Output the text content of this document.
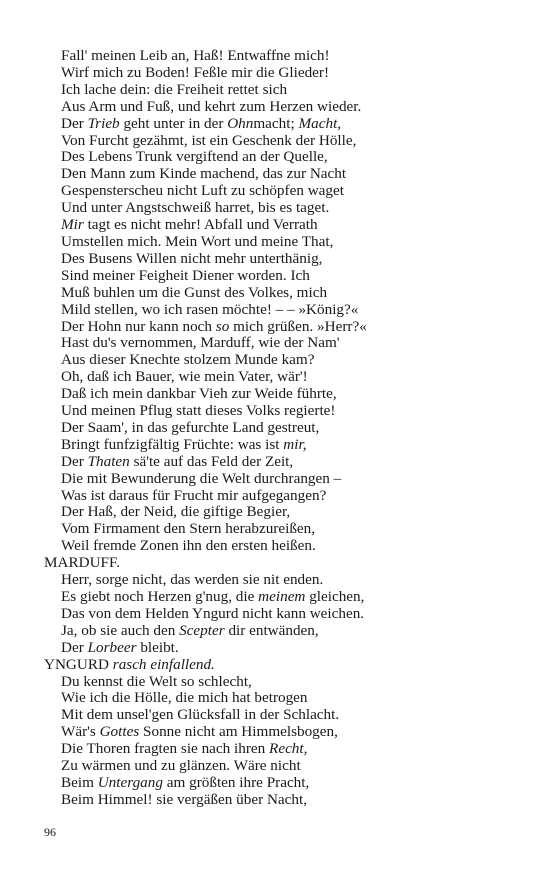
Fall' meinen Leib an, Haß! Entwaffne mich!
Wirf mich zu Boden! Feßle mir die Glieder!
Ich lache dein: die Freiheit rettet sich
Aus Arm und Fuß, und kehrt zum Herzen wieder.
Der Trieb geht unter in der Ohnmacht; Macht,
Von Furcht gezähmt, ist ein Geschenk der Hölle,
Des Lebens Trunk vergiftend an der Quelle,
Den Mann zum Kinde machend, das zur Nacht
Gespensterscheu nicht Luft zu schöpfen waget
Und unter Angstschweiß harret, bis es taget.
Mir tagt es nicht mehr! Abfall und Verrath
Umstellen mich. Mein Wort und meine That,
Des Busens Willen nicht mehr unterthänig,
Sind meiner Feigheit Diener worden. Ich
Muß buhlen um die Gunst des Volkes, mich
Mild stellen, wo ich rasen möchte! – – »König?«
Der Hohn nur kann noch so mich grüßen. »Herr?«
Hast du's vernommen, Marduff, wie der Nam'
Aus dieser Knechte stolzem Munde kam?
Oh, daß ich Bauer, wie mein Vater, wär'!
Daß ich mein dankbar Vieh zur Weide führte,
Und meinen Pflug statt dieses Volks regierte!
Der Saam', in das gefurchte Land gestreut,
Bringt funfzigfältig Früchte: was ist mir,
Der Thaten sä'te auf das Feld der Zeit,
Die mit Bewunderung die Welt durchrangen –
Was ist daraus für Frucht mir aufgegangen?
Der Haß, der Neid, die giftige Begier,
Vom Firmament den Stern herabzureißen,
Weil fremde Zonen ihn den ersten heißen.
MARDUFF.
Herr, sorge nicht, das werden sie nit enden.
Es giebt noch Herzen g'nug, die meinem gleichen,
Das von dem Helden Yngurd nicht kann weichen.
Ja, ob sie auch den Scepter dir entwänden,
Der Lorbeer bleibt.
YNGURD rasch einfallend.
Du kennst die Welt so schlecht,
Wie ich die Hölle, die mich hat betrogen
Mit dem unsel'gen Glücksfall in der Schlacht.
Wär's Gottes Sonne nicht am Himmelsbogen,
Die Thoren fragten sie nach ihren Recht,
Zu wärmen und zu glänzen. Wäre nicht
Beim Untergang am größten ihre Pracht,
Beim Himmel! sie vergäßen über Nacht,
96
